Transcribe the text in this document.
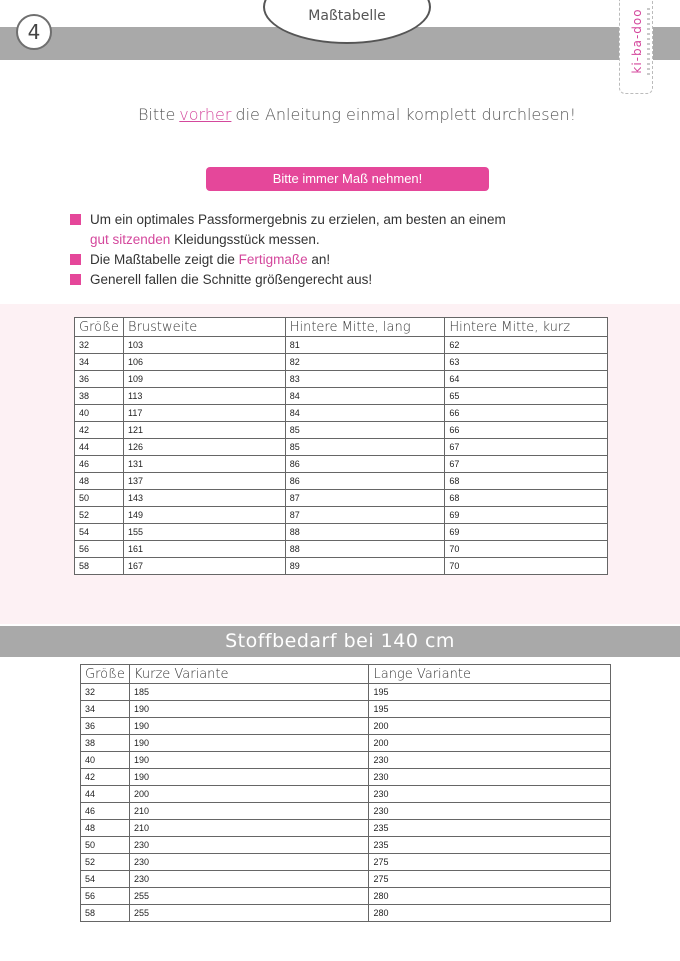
4
Maßtabelle	ki-ba-doo
Bitte vorher die Anleitung einmal komplett durchlesen!
Bitte immer Maß nehmen!
Um ein optimales Passformergebnis zu erzielen, am besten an einem
gut sitzenden Kleidungsstück messen.
Die Maßtabelle zeigt die Fertigmaße an!
Generell fallen die Schnitte größengerecht aus!
Größe	Brustweite	Hintere Mitte, lang	Hintere Mitte, kurz
32	103	81	62
34	106	82	63
36	109	83	64
38	113	84	65
40	117	84	66
42	121	85	66
44	126	85	67
46	131	86	67
48	137	86	68
50	143	87	68
52	149	87	69
54	155	88	69
56	161	88	70
58	167	89	70
Stoffbedarf bei 140 cm
Größe	Kurze Variante	Lange Variante
32	185	195
34	190	195
36	190	200
38	190	200
40	190	230
42	190	230
44	200	230
46	210	230
48	210	235
50	230	235
52	230	275
54	230	275
56	255	280
58	255	280
